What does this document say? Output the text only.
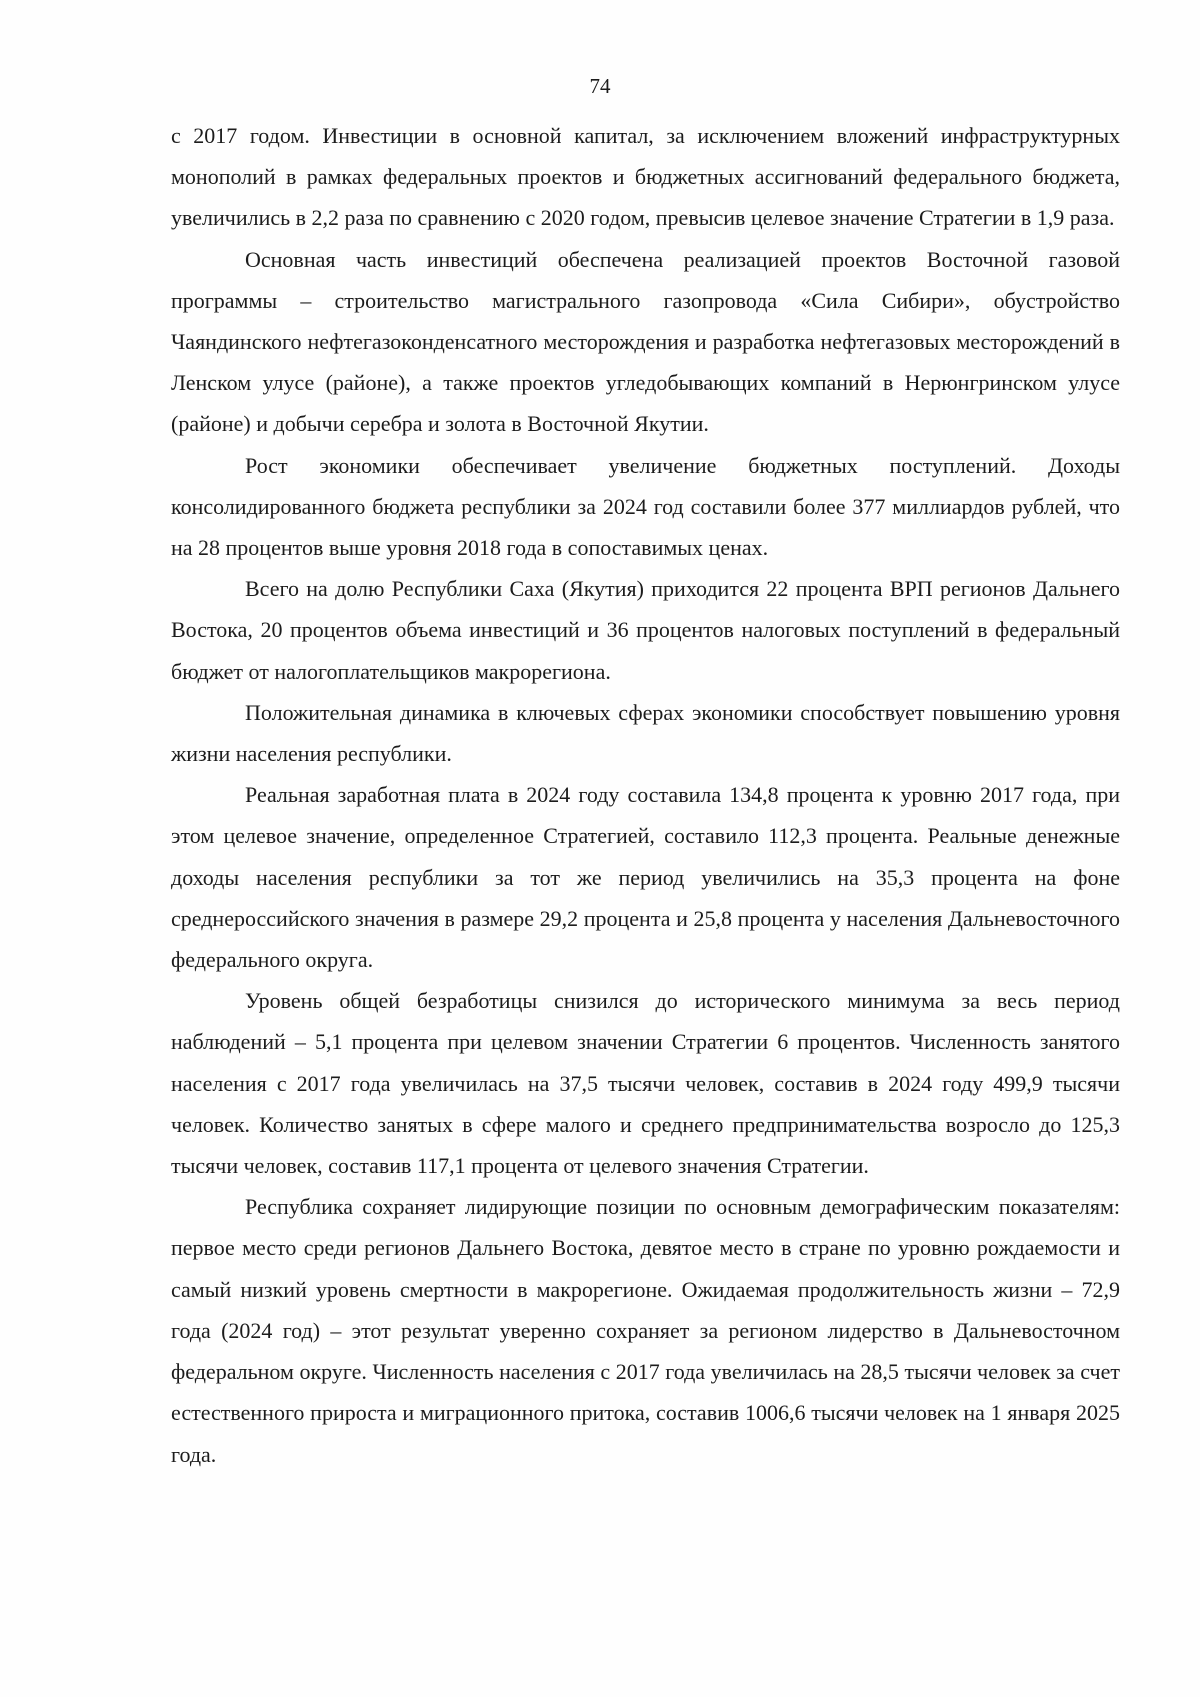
74

с 2017 годом. Инвестиции в основной капитал, за исключением вложений инфраструктурных монополий в рамках федеральных проектов и бюджетных ассигнований федерального бюджета, увеличились в 2,2 раза по сравнению с 2020 годом, превысив целевое значение Стратегии в 1,9 раза.

Основная часть инвестиций обеспечена реализацией проектов Восточной газовой программы – строительство магистрального газопровода «Сила Сибири», обустройство Чаяндинского нефтегазоконденсатного месторождения и разработка нефтегазовых месторождений в Ленском улусе (районе), а также проектов угледобывающих компаний в Нерюнгринском улусе (районе) и добычи серебра и золота в Восточной Якутии.

Рост экономики обеспечивает увеличение бюджетных поступлений. Доходы консолидированного бюджета республики за 2024 год составили более 377 миллиардов рублей, что на 28 процентов выше уровня 2018 года в сопоставимых ценах.

Всего на долю Республики Саха (Якутия) приходится 22 процента ВРП регионов Дальнего Востока, 20 процентов объема инвестиций и 36 процентов налоговых поступлений в федеральный бюджет от налогоплательщиков макрорегиона.

Положительная динамика в ключевых сферах экономики способствует повышению уровня жизни населения республики.

Реальная заработная плата в 2024 году составила 134,8 процента к уровню 2017 года, при этом целевое значение, определенное Стратегией, составило 112,3 процента. Реальные денежные доходы населения республики за тот же период увеличились на 35,3 процента на фоне среднероссийского значения в размере 29,2 процента и 25,8 процента у населения Дальневосточного федерального округа.

Уровень общей безработицы снизился до исторического минимума за весь период наблюдений – 5,1 процента при целевом значении Стратегии 6 процентов. Численность занятого населения с 2017 года увеличилась на 37,5 тысячи человек, составив в 2024 году 499,9 тысячи человек. Количество занятых в сфере малого и среднего предпринимательства возросло до 125,3 тысячи человек, составив 117,1 процента от целевого значения Стратегии.

Республика сохраняет лидирующие позиции по основным демографическим показателям: первое место среди регионов Дальнего Востока, девятое место в стране по уровню рождаемости и самый низкий уровень смертности в макрорегионе. Ожидаемая продолжительность жизни – 72,9 года (2024 год) – этот результат уверенно сохраняет за регионом лидерство в Дальневосточном федеральном округе. Численность населения с 2017 года увеличилась на 28,5 тысячи человек за счет естественного прироста и миграционного притока, составив 1006,6 тысячи человек на 1 января 2025 года.
